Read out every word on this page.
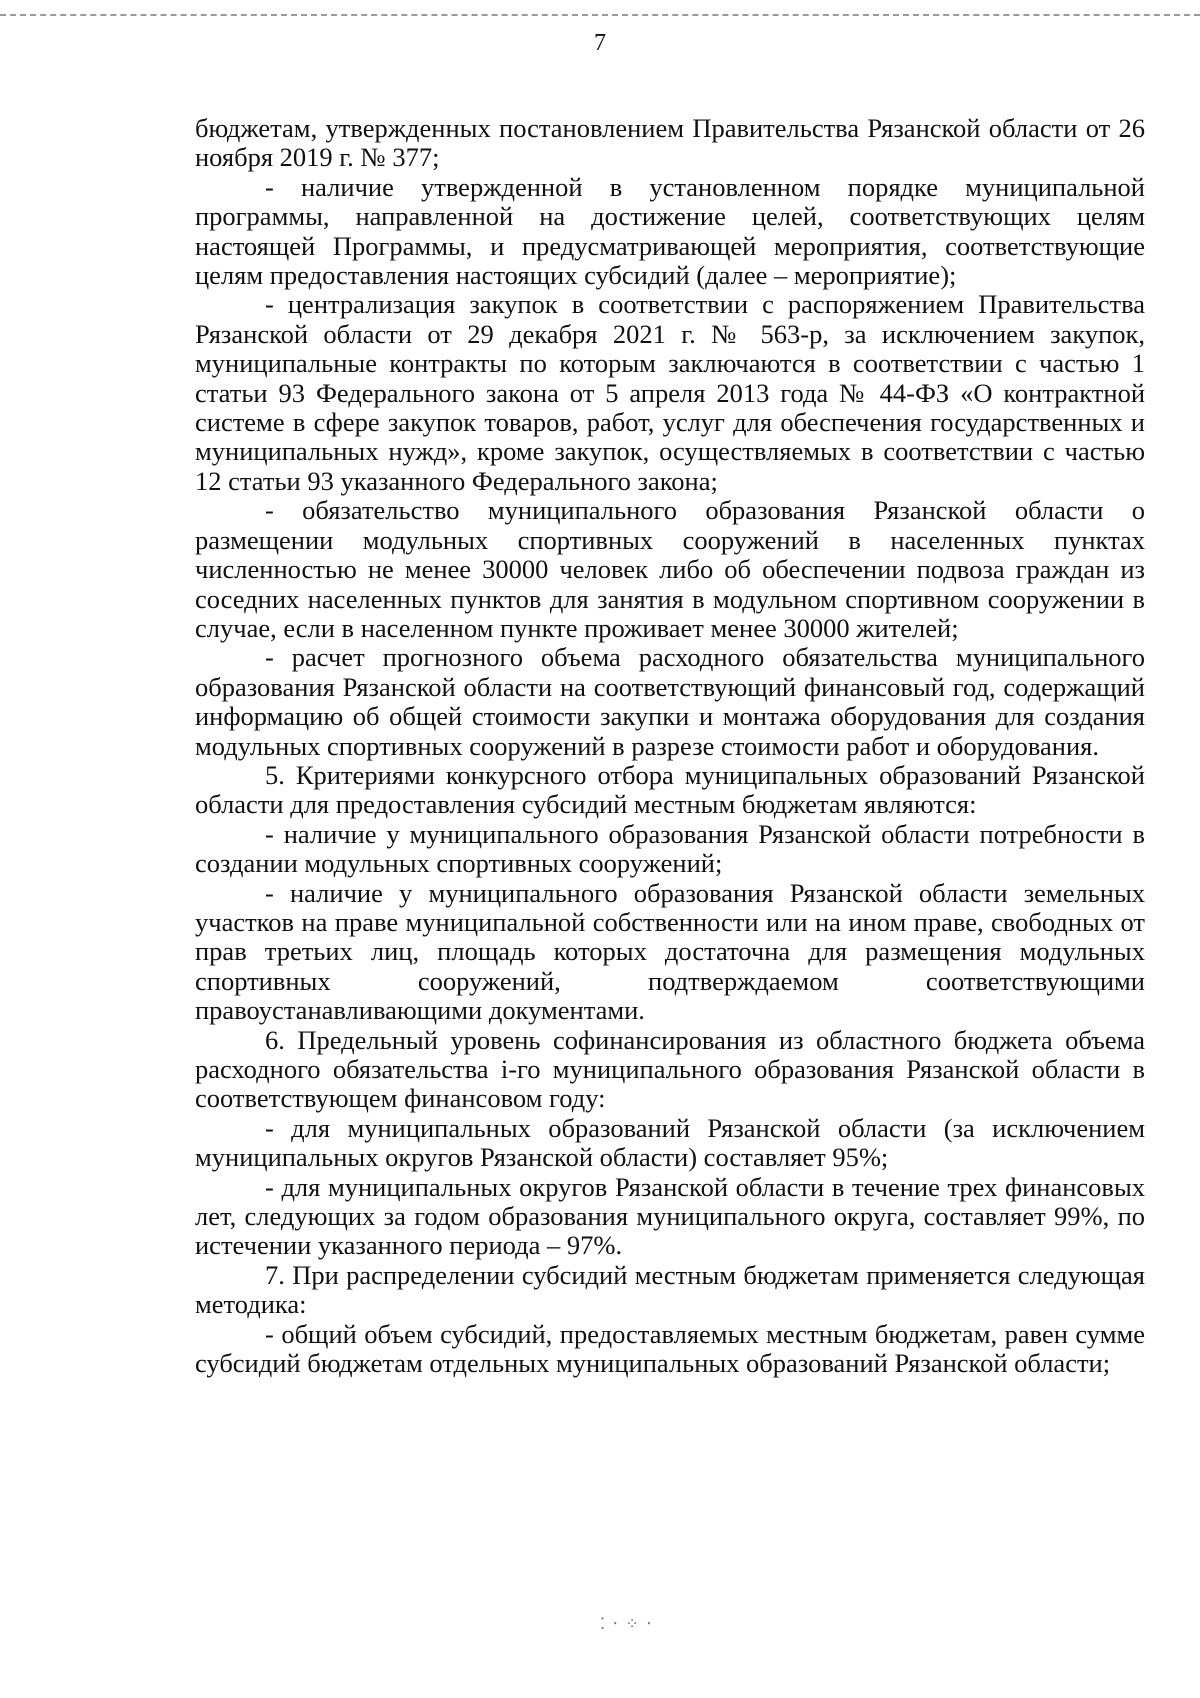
7

бюджетам, утвержденных постановлением Правительства Рязанской области от 26 ноября 2019 г. № 377;

- наличие утвержденной в установленном порядке муниципальной программы, направленной на достижение целей, соответствующих целям настоящей Программы, и предусматривающей мероприятия, соответствующие целям предоставления настоящих субсидий (далее – мероприятие);

- централизация закупок в соответствии с распоряжением Правительства Рязанской области от 29 декабря 2021 г. № 563-р, за исключением закупок, муниципальные контракты по которым заключаются в соответствии с частью 1 статьи 93 Федерального закона от 5 апреля 2013 года № 44-ФЗ «О контрактной системе в сфере закупок товаров, работ, услуг для обеспечения государственных и муниципальных нужд», кроме закупок, осуществляемых в соответствии с частью 12 статьи 93 указанного Федерального закона;

- обязательство муниципального образования Рязанской области о размещении модульных спортивных сооружений в населенных пунктах численностью не менее 30000 человек либо об обеспечении подвоза граждан из соседних населенных пунктов для занятия в модульном спортивном сооружении в случае, если в населенном пункте проживает менее 30000 жителей;

- расчет прогнозного объема расходного обязательства муниципального образования Рязанской области на соответствующий финансовый год, содержащий информацию об общей стоимости закупки и монтажа оборудования для создания модульных спортивных сооружений в разрезе стоимости работ и оборудования.

5. Критериями конкурсного отбора муниципальных образований Рязанской области для предоставления субсидий местным бюджетам являются:

- наличие у муниципального образования Рязанской области потребности в создании модульных спортивных сооружений;

- наличие у муниципального образования Рязанской области земельных участков на праве муниципальной собственности или на ином праве, свободных от прав третьих лиц, площадь которых достаточна для размещения модульных спортивных сооружений, подтверждаемом соответствующими правоустанавливающими документами.

6. Предельный уровень софинансирования из областного бюджета объема расходного обязательства i-го муниципального образования Рязанской области в соответствующем финансовом году:

- для муниципальных образований Рязанской области (за исключением муниципальных округов Рязанской области) составляет 95%;

- для муниципальных округов Рязанской области в течение трех финансовых лет, следующих за годом образования муниципального округа, составляет 99%, по истечении указанного периода – 97%.

7. При распределении субсидий местным бюджетам применяется следующая методика:

- общий объем субсидий, предоставляемых местным бюджетам, равен сумме субсидий бюджетам отдельных муниципальных образований Рязанской области;

⁚ ⸱ ⁘ ⸱
